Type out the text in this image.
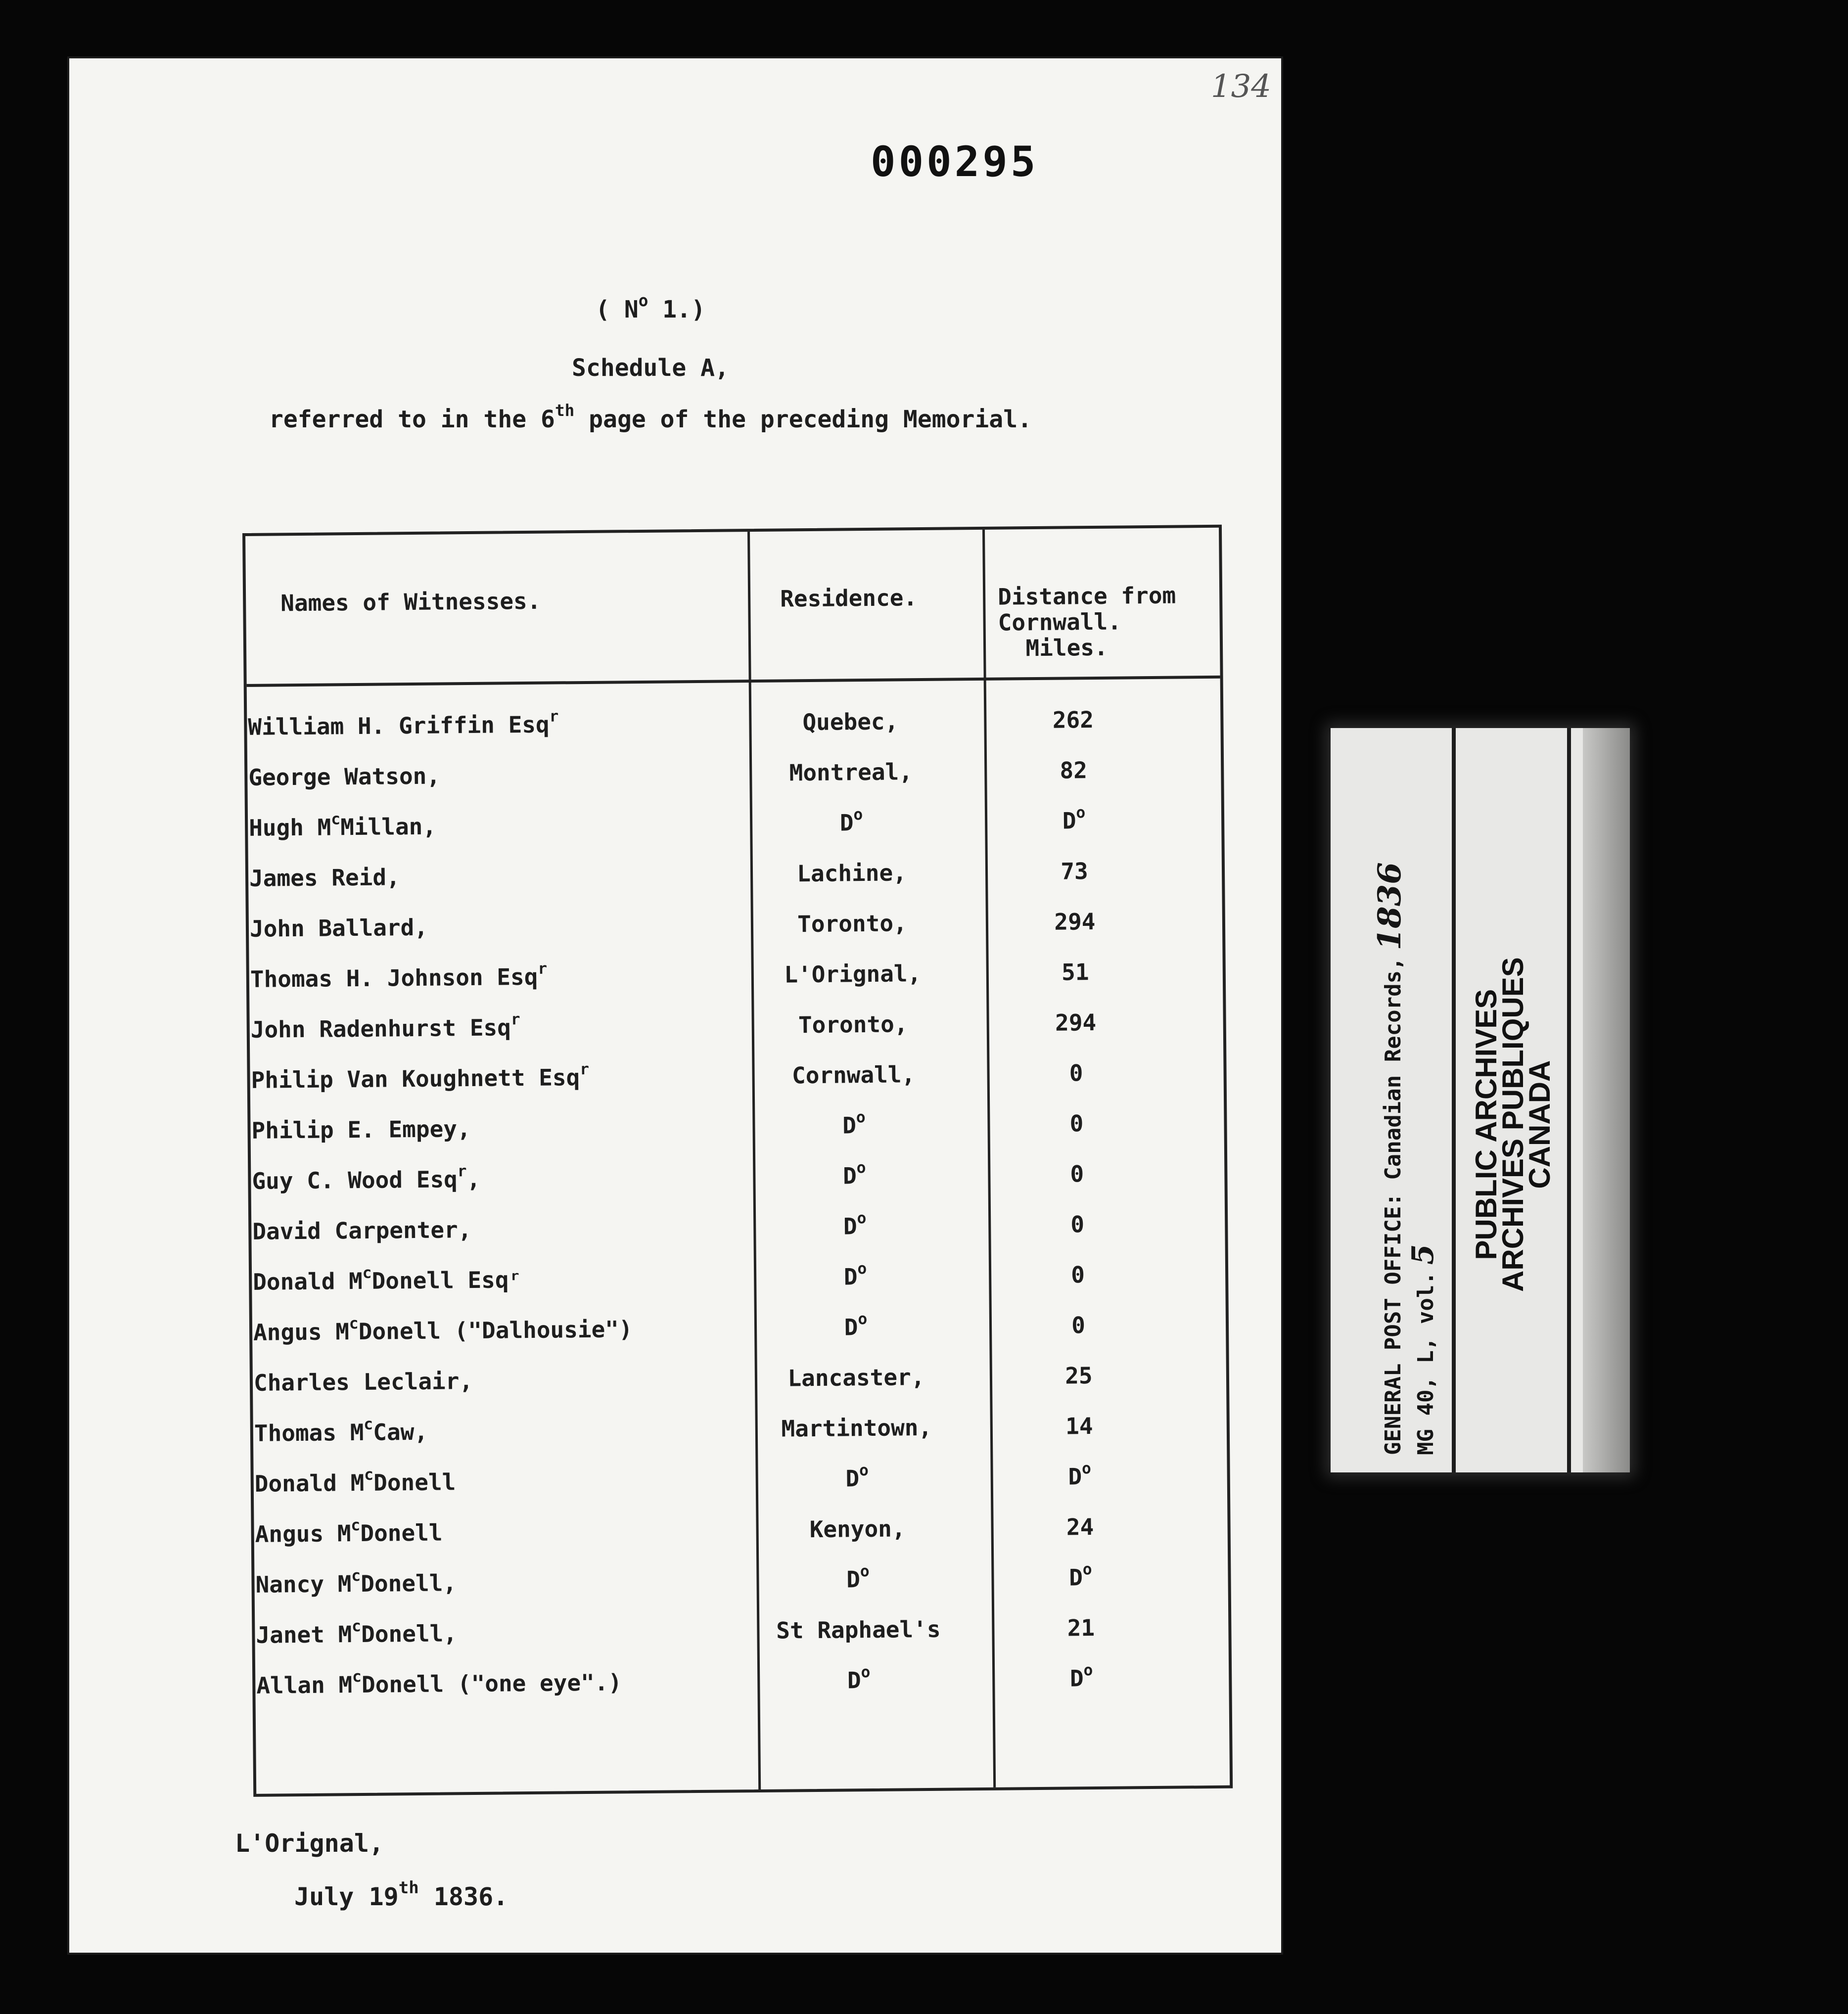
134
000295
( $N^o$ 1.)
Schedule A,
referred to in the 6th page of the preceding Memorial.
Names of Witnesses.	Residence.	Distance from
Cornwall.
Miles.
William H. Griffin Esq$^r$	Quebec,	262
George Watson,	Montreal,	82
Hugh $M^cMillan$,	$D^o$	$D^o$
James Reid,	Lachine,	73
John Ballard,	Toronto,	294
Thomas H. Johnson Esq$^r$	L'Orignal,	51
John Radenhurst Esq$^r$	Toronto,	294
Philip Van Koughnett Esq$^r$	Cornwall,	0
Philip E. Empey,	$D^o$	0
Guy C. Wood Esq$^r$,	$D^o$	0
David Carpenter,	$D^o$	0
Donald $M^cDonell$ Esqʳ	$D^o$	0
Angus $M^cDonell$ ("Dalhousie")	$D^o$	0
Charles Leclair,	Lancaster,	25
Thomas $M^cCaw$,	Martintown,	14
Donald $M^cDonell$	$D^o$	$D^o$
Angus $M^cDonell$	Kenyon,	24
Nancy $M^cDonell$,	$D^o$	$D^o$
Janet $M^cDonell$,	St Raphael's	21
Allan $M^cDonell$ ("one eye".)	$D^o$	$D^o$
L'Orignal,
July 19th 1836.
GENERAL POST OFFICE: Canadian Records,1836
MG 40, L, vol.5 PUBLIC ARCHIVES
ARCHIVES PUBLIQUES
CANADA
